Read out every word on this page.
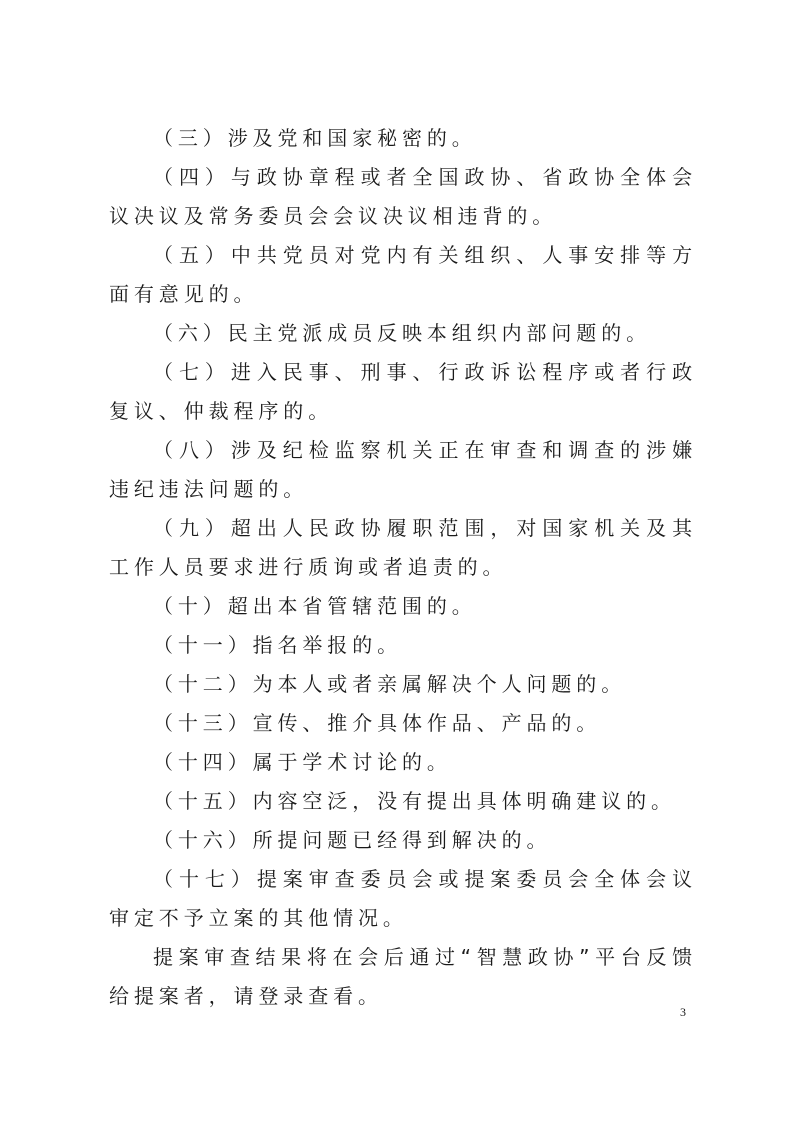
（三）涉及党和国家秘密的。

（四）与政协章程或者全国政协、省政协全体会议决议及常务委员会会议决议相违背的。

（五）中共党员对党内有关组织、人事安排等方面有意见的。

（六）民主党派成员反映本组织内部问题的。

（七）进入民事、刑事、行政诉讼程序或者行政复议、仲裁程序的。

（八）涉及纪检监察机关正在审查和调查的涉嫌违纪违法问题的。

（九）超出人民政协履职范围，对国家机关及其工作人员要求进行质询或者追责的。

（十）超出本省管辖范围的。

（十一）指名举报的。

（十二）为本人或者亲属解决个人问题的。

（十三）宣传、推介具体作品、产品的。

（十四）属于学术讨论的。

（十五）内容空泛，没有提出具体明确建议的。

（十六）所提问题已经得到解决的。

（十七）提案审查委员会或提案委员会全体会议审定不予立案的其他情况。

提案审查结果将在会后通过“智慧政协”平台反馈给提案者，请登录查看。

3
